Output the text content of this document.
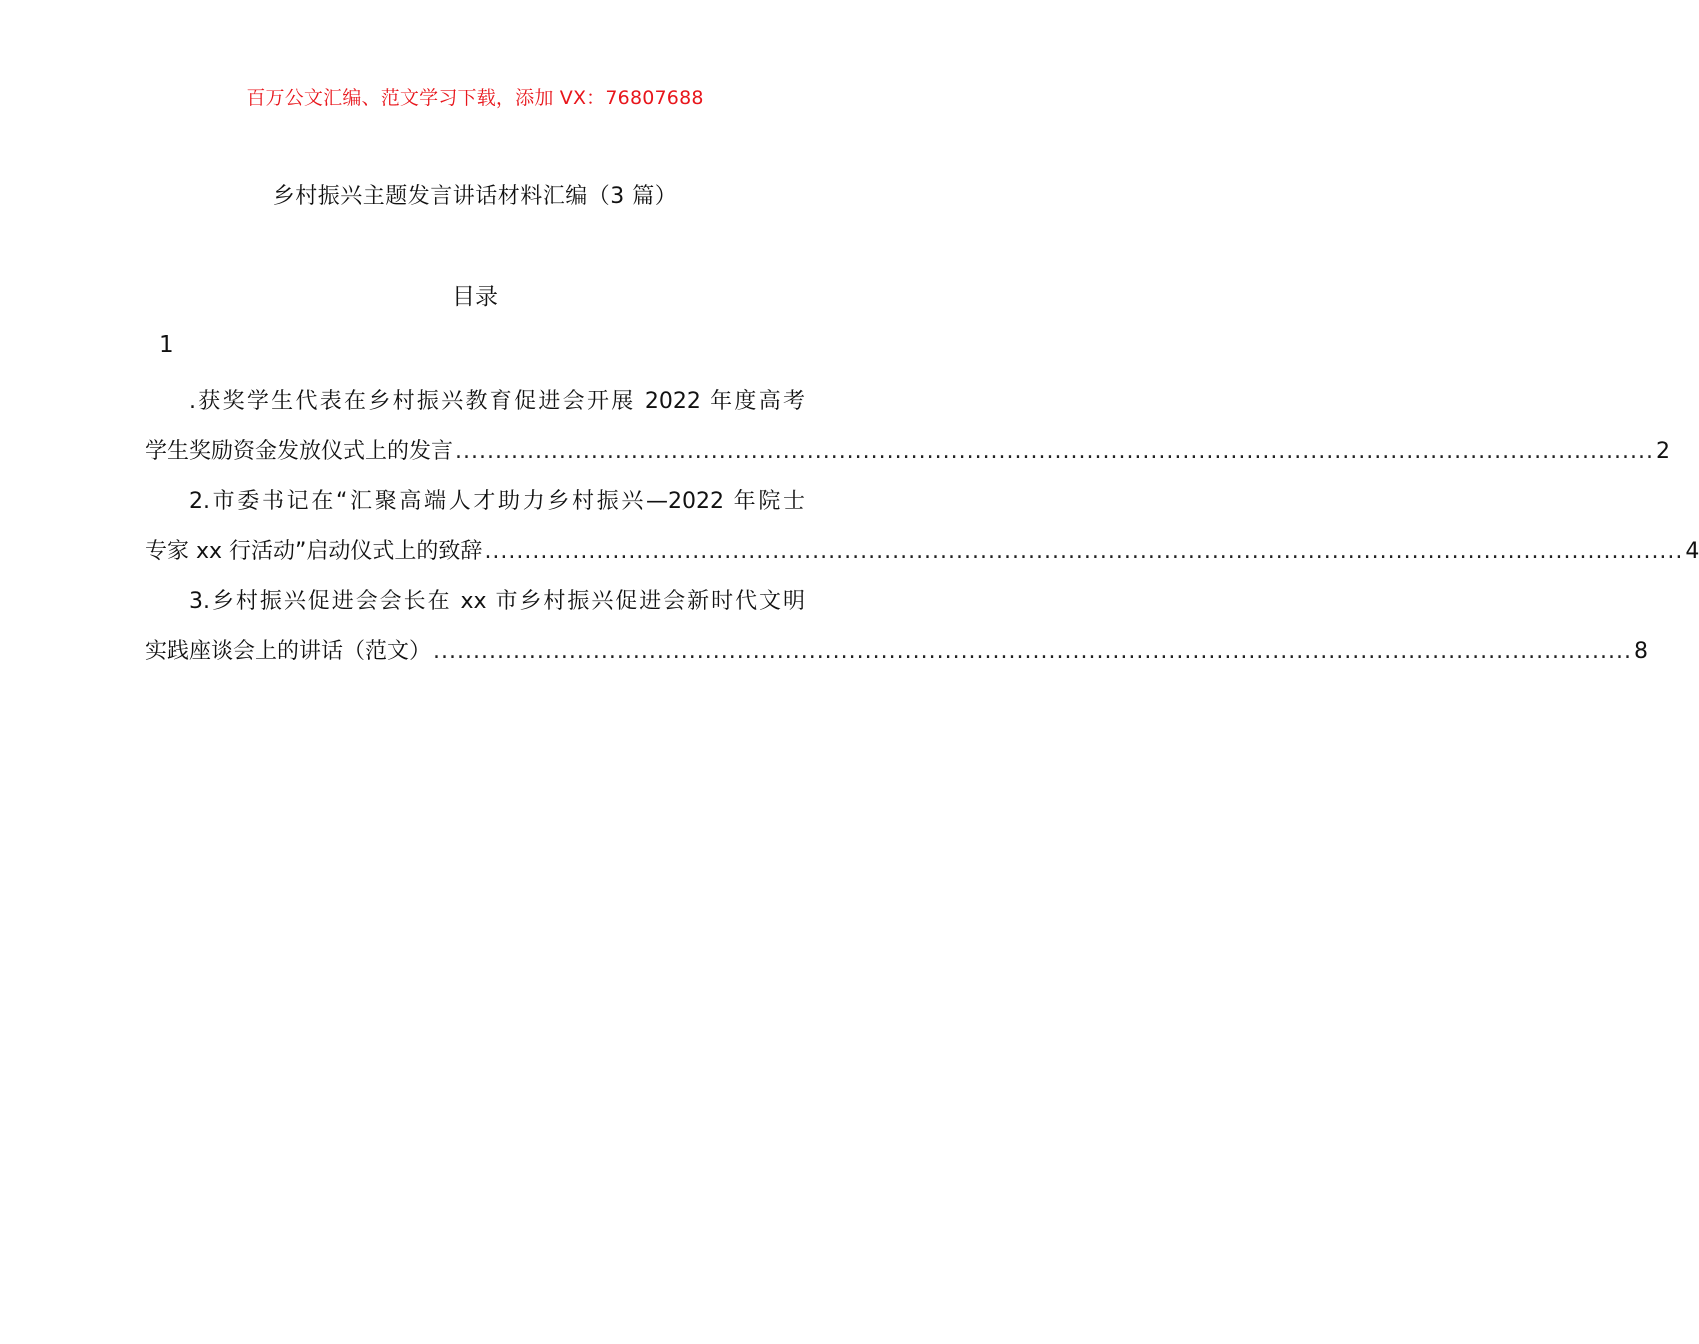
百万公文汇编、范文学习下载，添加 VX：76807688
乡村振兴主题发言讲话材料汇编（3 篇）
目录
1
.获奖学生代表在乡村振兴教育促进会开展 2022 年度高考
学生奖励资金发放仪式上的发言 ...................................................................................................................................................... 2
2.市委书记在“汇聚高端人才助力乡村振兴—2022 年院士
专家 xx 行活动”启动仪式上的致辞 ...................................................................................................................................................... 4
3.乡村振兴促进会会长在 xx 市乡村振兴促进会新时代文明
实践座谈会上的讲话（范文） ...................................................................................................................................................... 8
